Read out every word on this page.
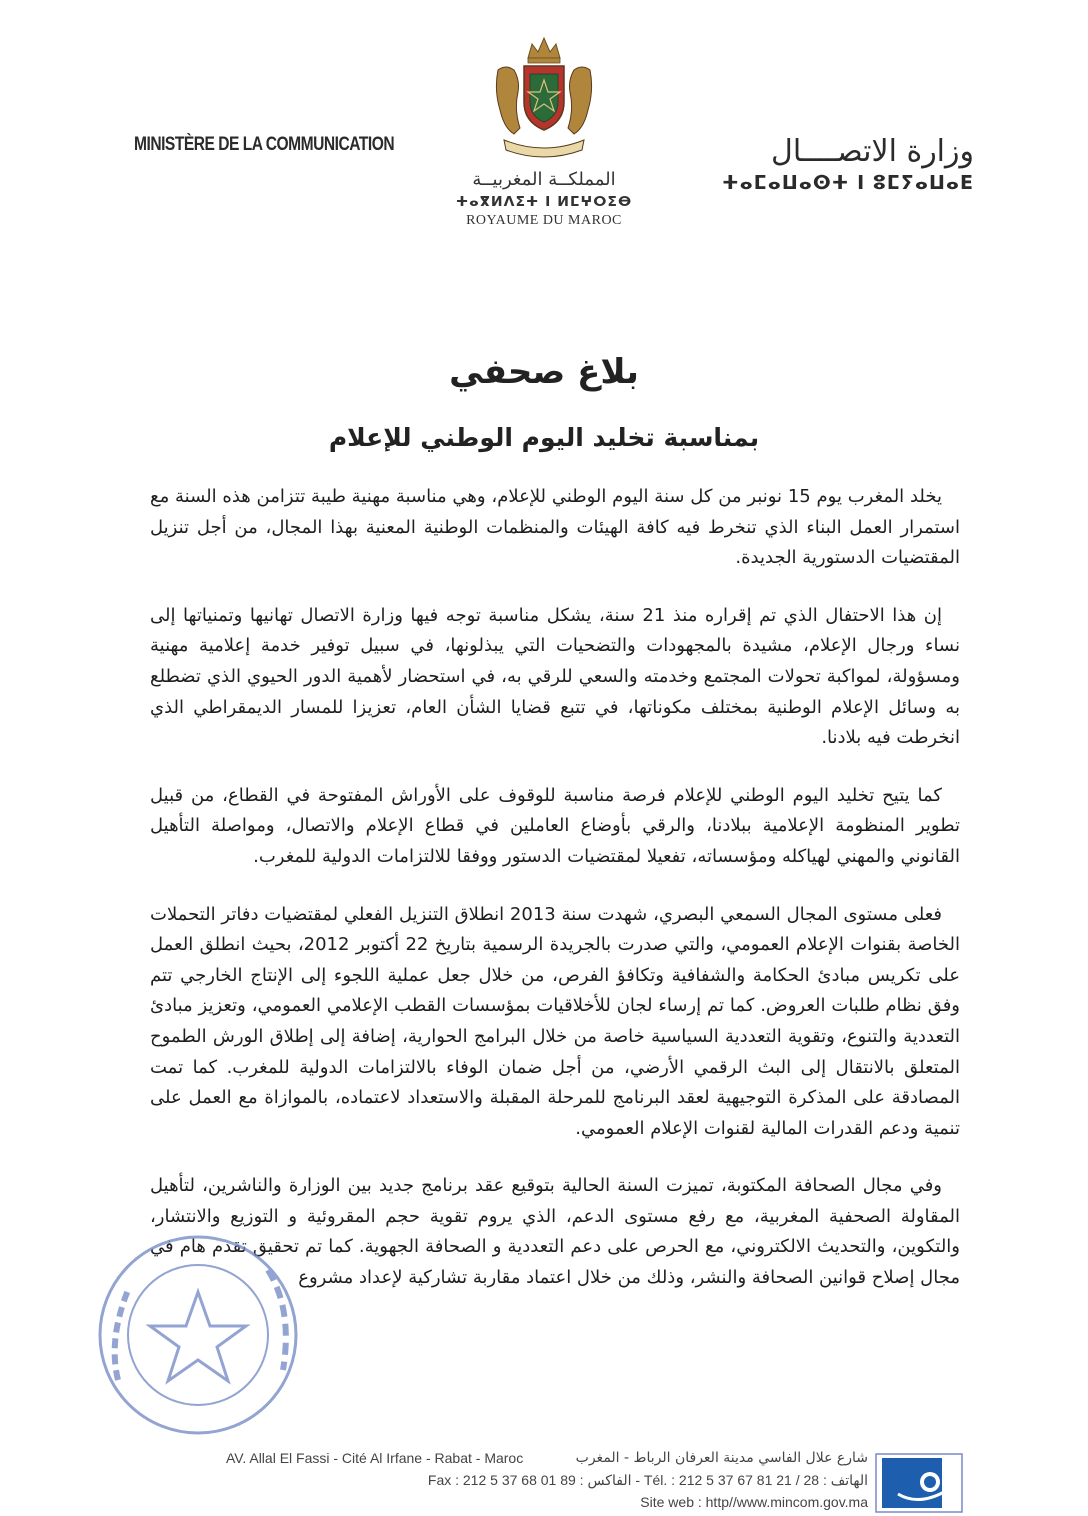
MINISTÈRE DE LA COMMUNICATION	وزارة الاتصــــال
ⵜⴰⵎⴰⵡⴰⵙⵜ ⵏ ⵓⵎⵢⴰⵡⴰⴹ
المملكــة المغربيــة
ⵜⴰⴳⵍⴷⵉⵜ ⵏ ⵍⵎⵖⵔⵉⴱ
ROYAUME DU MAROC
بلاغ صحفي
بمناسبة تخليد اليوم الوطني للإعلام

يخلد المغرب يوم 15 نونبر من كل سنة اليوم الوطني للإعلام، وهي مناسبة مهنية طيبة تتزامن هذه السنة مع استمرار العمل البناء الذي تنخرط فيه كافة الهيئات والمنظمات الوطنية المعنية بهذا المجال، من أجل تنزيل المقتضيات الدستورية الجديدة.

إن هذا الاحتفال الذي تم إقراره منذ 21 سنة، يشكل مناسبة توجه فيها وزارة الاتصال تهانيها وتمنياتها إلى نساء ورجال الإعلام، مشيدة بالمجهودات والتضحيات التي يبذلونها، في سبيل توفير خدمة إعلامية مهنية ومسؤولة، لمواكبة تحولات المجتمع وخدمته والسعي للرقي به، في استحضار لأهمية الدور الحيوي الذي تضطلع به وسائل الإعلام الوطنية بمختلف مكوناتها، في تتبع قضايا الشأن العام، تعزيزا للمسار الديمقراطي الذي انخرطت فيه بلادنا.

كما يتيح تخليد اليوم الوطني للإعلام فرصة مناسبة للوقوف على الأوراش المفتوحة في القطاع، من قبيل تطوير المنظومة الإعلامية ببلادنا، والرقي بأوضاع العاملين في قطاع الإعلام والاتصال، ومواصلة التأهيل القانوني والمهني لهياكله ومؤسساته، تفعيلا لمقتضيات الدستور ووفقا للالتزامات الدولية للمغرب.

فعلى مستوى المجال السمعي البصري، شهدت سنة 2013 انطلاق التنزيل الفعلي لمقتضيات دفاتر التحملات الخاصة بقنوات الإعلام العمومي، والتي صدرت بالجريدة الرسمية بتاريخ 22 أكتوبر 2012، بحيث انطلق العمل على تكريس مبادئ الحكامة والشفافية وتكافؤ الفرص، من خلال جعل عملية اللجوء إلى الإنتاج الخارجي تتم وفق نظام طلبات العروض. كما تم إرساء لجان للأخلاقيات بمؤسسات القطب الإعلامي العمومي، وتعزيز مبادئ التعددية والتنوع، وتقوية التعددية السياسية خاصة من خلال البرامج الحوارية، إضافة إلى إطلاق الورش الطموح المتعلق بالانتقال إلى البث الرقمي الأرضي، من أجل ضمان الوفاء بالالتزامات الدولية للمغرب. كما تمت المصادقة على المذكرة التوجيهية لعقد البرنامج للمرحلة المقبلة والاستعداد لاعتماده، بالموازاة مع العمل على تنمية ودعم القدرات المالية لقنوات الإعلام العمومي.

وفي مجال الصحافة المكتوبة، تميزت السنة الحالية بتوقيع عقد برنامج جديد بين الوزارة والناشرين، لتأهيل المقاولة الصحفية المغربية، مع رفع مستوى الدعم، الذي يروم تقوية حجم المقروئية و التوزيع والانتشار، والتكوين، والتحديث الالكتروني، مع الحرص على دعم التعددية و الصحافة الجهوية. كما تم تحقيق تقدم هام في مجال إصلاح قوانين الصحافة والنشر، وذلك من خلال اعتماد مقاربة تشاركية لإعداد مشروع

شارع علال الفاسي مدينة العرفان الرباط - المغرب
Fax : 212 5 37 68 01 89 : الفاكس - Tél. : 212 5 37 67 81 21 / 28 : الهاتف
Site web : http//www.mincom.gov.ma
AV. Allal El Fassi - Cité Al Irfane - Rabat - Maroc
